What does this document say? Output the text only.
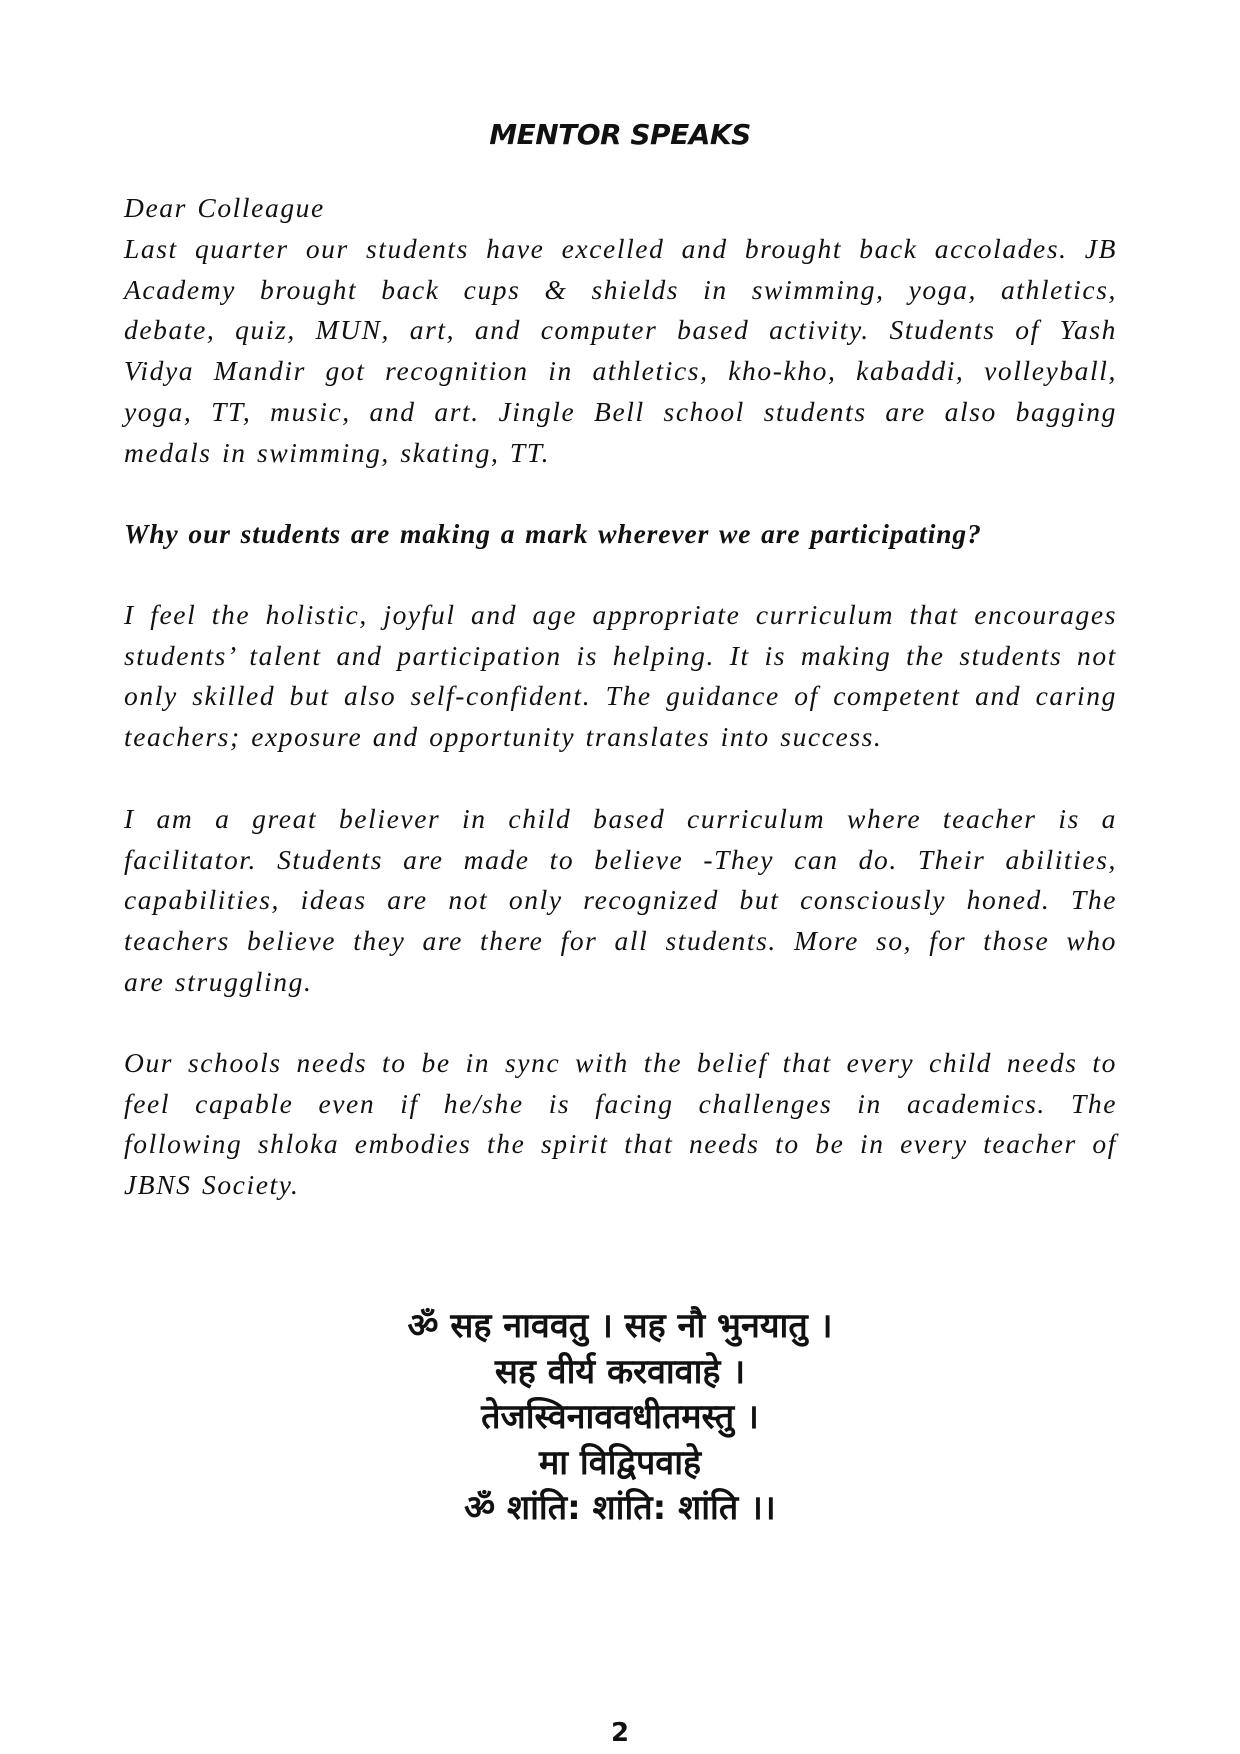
MENTOR SPEAKS
Dear Colleague
Last quarter our students have excelled and brought back accolades. JB
Academy brought back cups & shields in swimming, yoga, athletics,
debate, quiz, MUN, art, and computer based activity. Students of Yash
Vidya Mandir got recognition in athletics, kho-kho, kabaddi, volleyball,
yoga, TT, music, and art. Jingle Bell school students are also bagging
medals in swimming, skating, TT.
Why our students are making a mark wherever we are participating?
I feel the holistic, joyful and age appropriate curriculum that encourages
students’ talent and participation is helping. It is making the students not
only skilled but also self-confident. The guidance of competent and caring
teachers; exposure and opportunity translates into success.
I am a great believer in child based curriculum where teacher is a
facilitator. Students are made to believe -They can do. Their abilities,
capabilities, ideas are not only recognized but consciously honed. The
teachers believe they are there for all students. More so, for those who
are struggling.
Our schools needs to be in sync with the belief that every child needs to
feel capable even if he/she is facing challenges in academics. The
following shloka embodies the spirit that needs to be in every teacher of
JBNS Society.
ॐ सह नाववतु । सह नौ भुनयातु ।
सह वीर्य करवावाहे ।
तेजस्विनाववधीतमस्तु ।
मा विद्विपवाहे
ॐ शांति: शांति: शांति ।।
2
